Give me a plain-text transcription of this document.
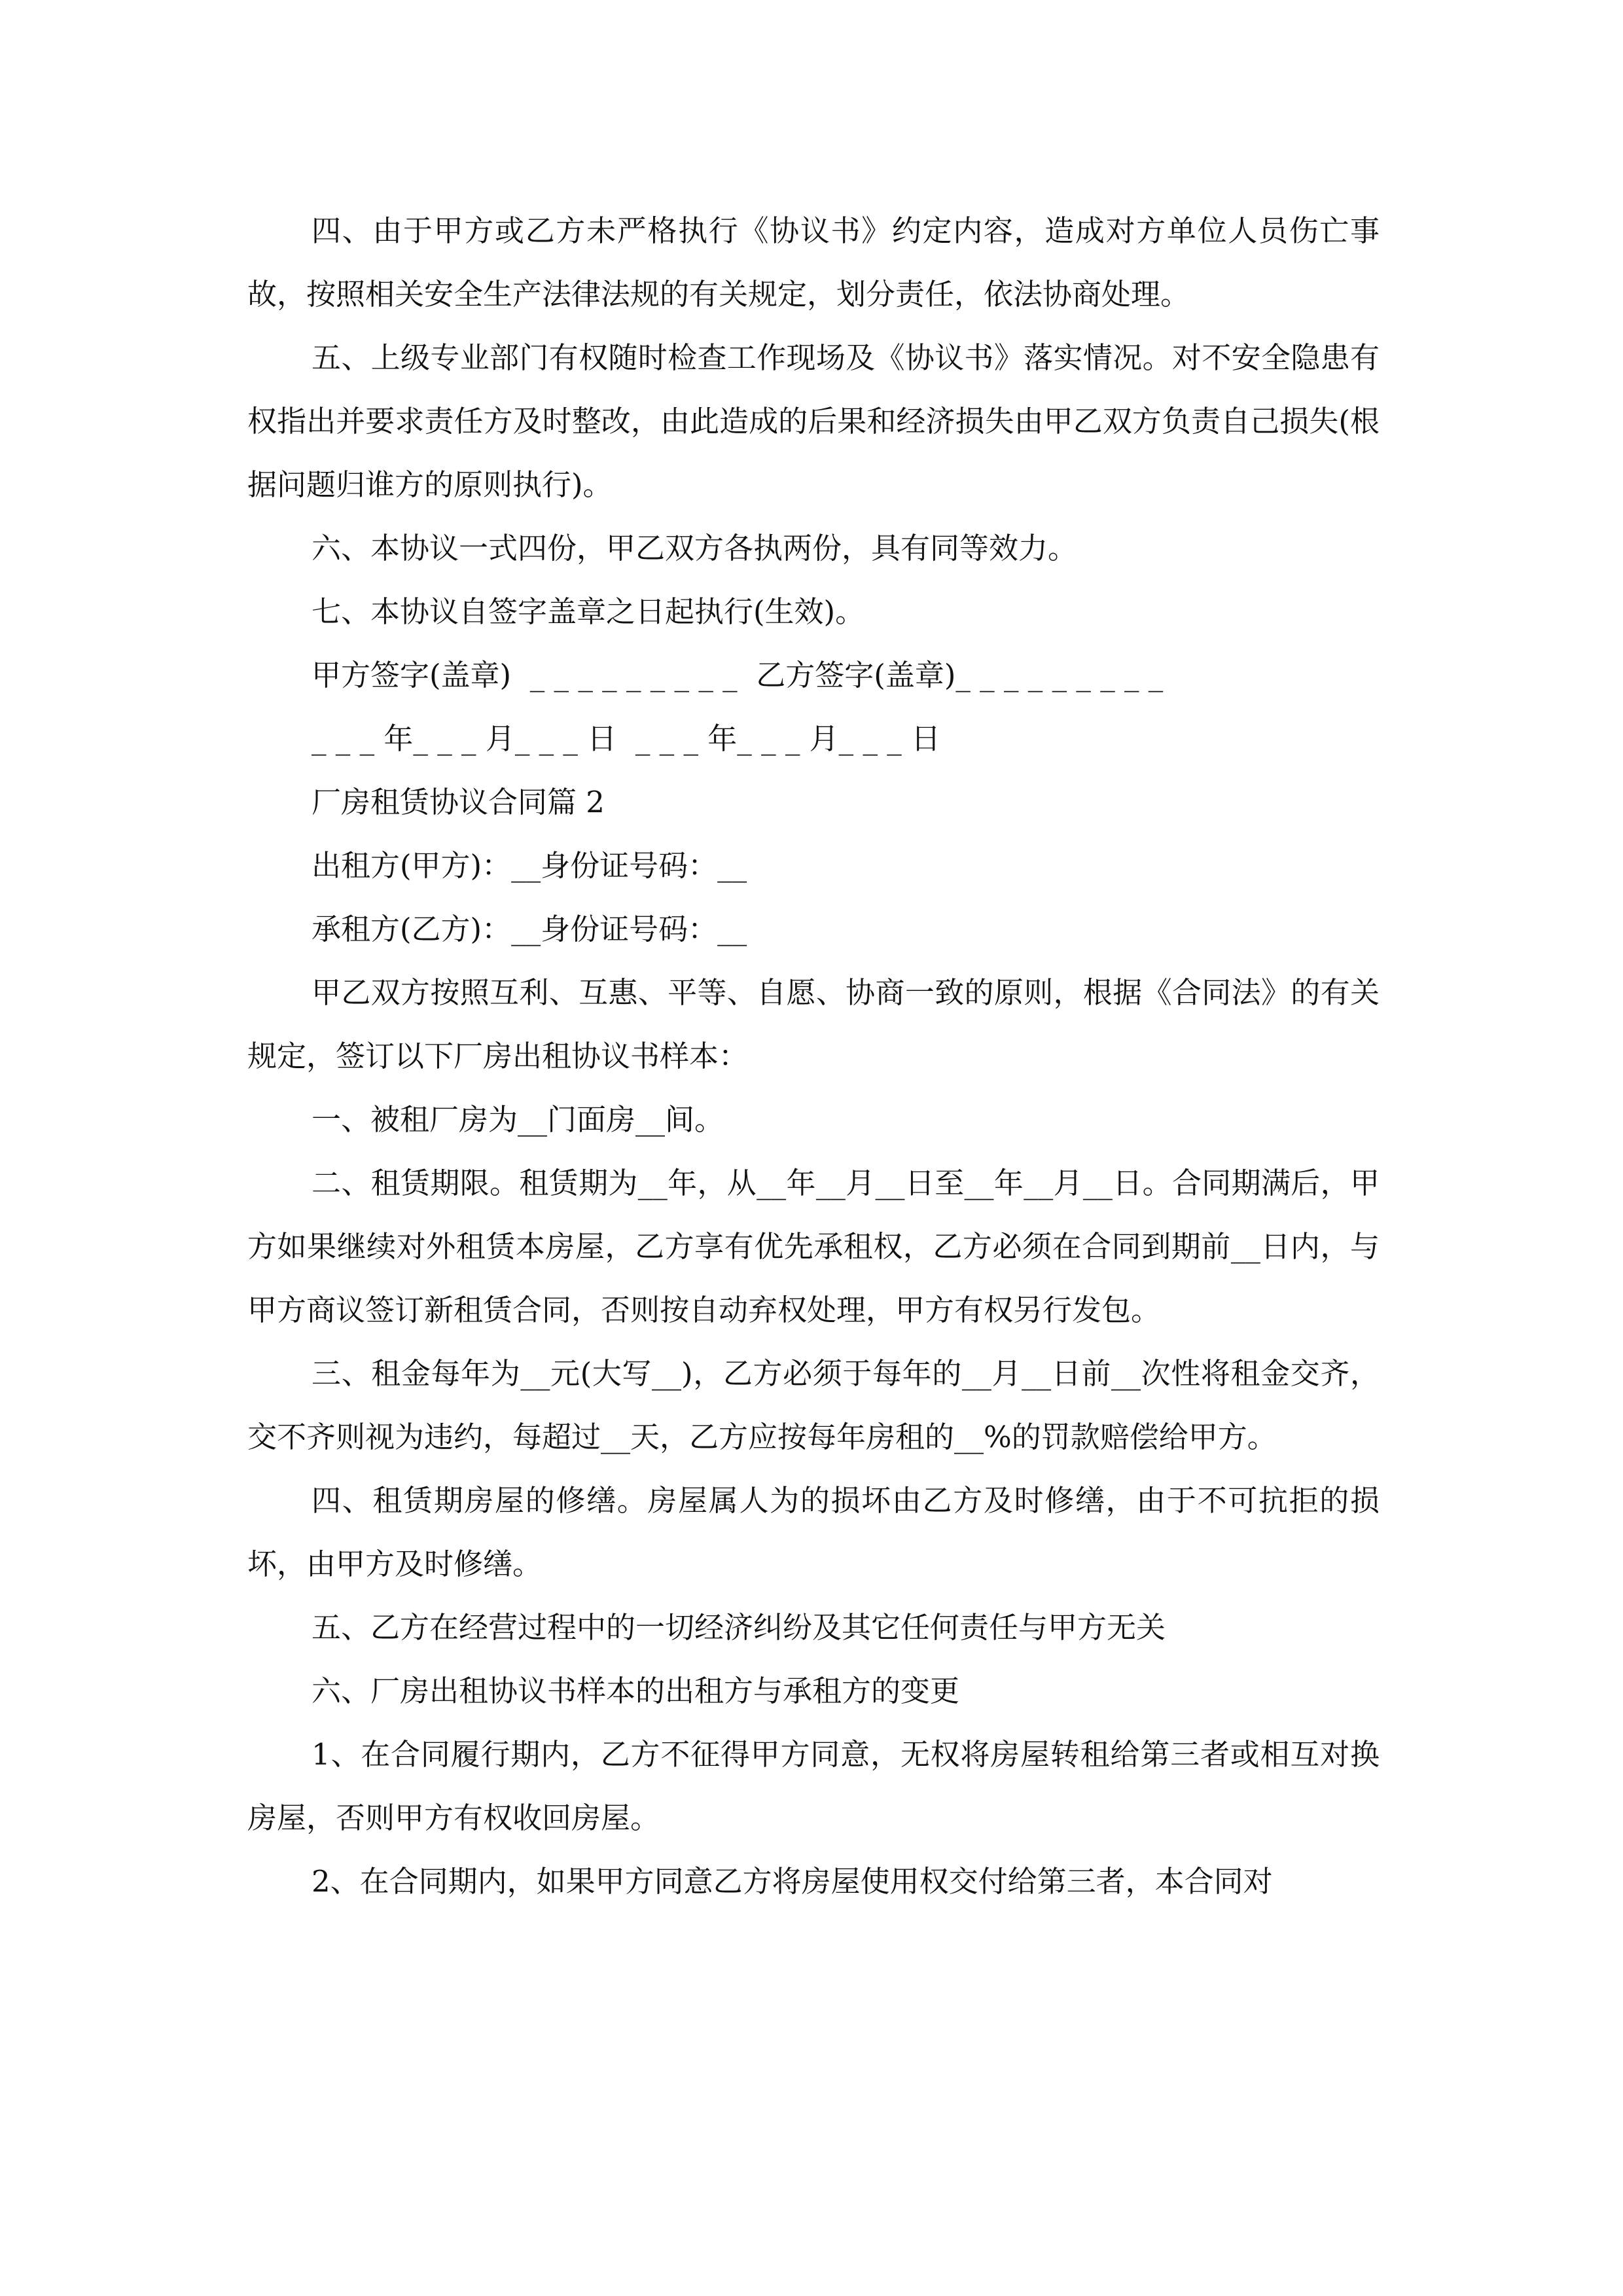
四、由于甲方或乙方未严格执行《协议书》约定内容，造成对方单位人员伤亡事故，按照相关安全生产法律法规的有关规定，划分责任，依法协商处理。

五、上级专业部门有权随时检查工作现场及《协议书》落实情况。对不安全隐患有权指出并要求责任方及时整改，由此造成的后果和经济损失由甲乙双方负责自己损失(根据问题归谁方的原则执行)。

六、本协议一式四份，甲乙双方各执两份，具有同等效力。

七、本协议自签字盖章之日起执行(生效)。

甲方签字(盖章)  _ _ _ _ _ _ _ _ _  乙方签字(盖章)_ _ _ _ _ _ _ _ _

_ _ _ 年_ _ _ 月_ _ _ 日  _ _ _ 年_ _ _ 月_ _ _ 日

厂房租赁协议合同篇 2

出租方(甲方)：__身份证号码：__

承租方(乙方)：__身份证号码：__

甲乙双方按照互利、互惠、平等、自愿、协商一致的原则，根据《合同法》的有关规定，签订以下厂房出租协议书样本：

一、被租厂房为__门面房__间。

二、租赁期限。租赁期为__年，从__年__月__日至__年__月__日。合同期满后，甲方如果继续对外租赁本房屋，乙方享有优先承租权，乙方必须在合同到期前__日内，与甲方商议签订新租赁合同，否则按自动弃权处理，甲方有权另行发包。

三、租金每年为__元(大写__)，乙方必须于每年的__月__日前__次性将租金交齐，交不齐则视为违约，每超过__天，乙方应按每年房租的__%的罚款赔偿给甲方。

四、租赁期房屋的修缮。房屋属人为的损坏由乙方及时修缮，由于不可抗拒的损坏，由甲方及时修缮。

五、乙方在经营过程中的一切经济纠纷及其它任何责任与甲方无关

六、厂房出租协议书样本的出租方与承租方的变更

1、在合同履行期内，乙方不征得甲方同意，无权将房屋转租给第三者或相互对换房屋，否则甲方有权收回房屋。

2、在合同期内，如果甲方同意乙方将房屋使用权交付给第三者，本合同对
